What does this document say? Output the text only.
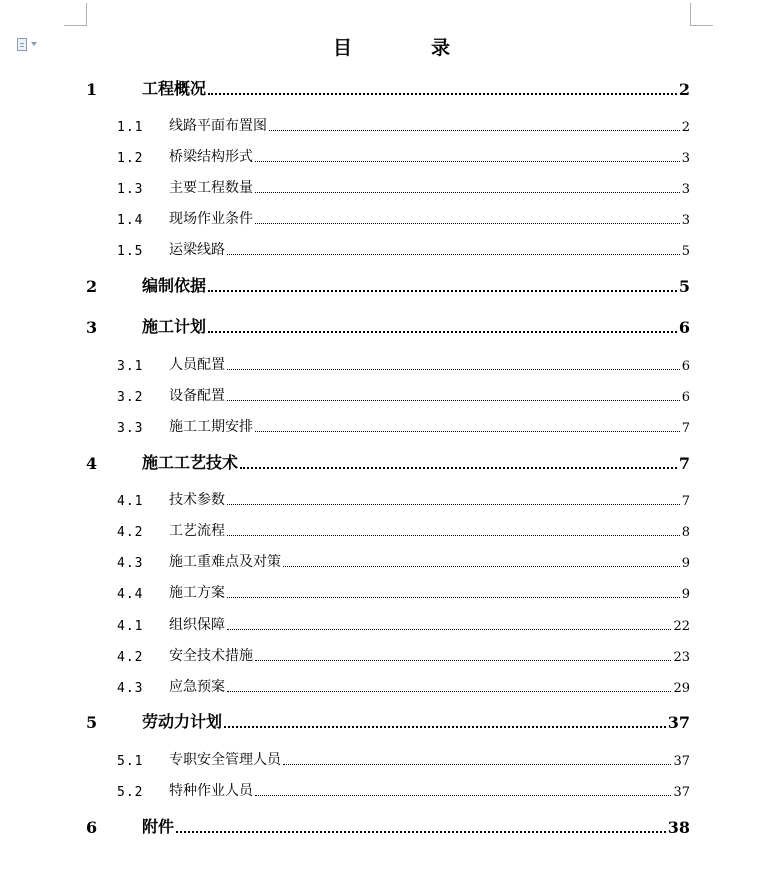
目　录
1	工程概况	2
1.1	线路平面布置图	2
1.2	桥梁结构形式	3
1.3	主要工程数量	3
1.4	现场作业条件	3
1.5	运梁线路	5
2	编制依据	5
3	施工计划	6
3.1	人员配置	6
3.2	设备配置	6
3.3	施工工期安排	7
4	施工工艺技术	7
4.1	技术参数	7
4.2	工艺流程	8
4.3	施工重难点及对策	9
4.4	施工方案	9
4.1	组织保障	22
4.2	安全技术措施	23
4.3	应急预案	29
5	劳动力计划	37
5.1	专职安全管理人员	37
5.2	特种作业人员	37
6	附件	38
